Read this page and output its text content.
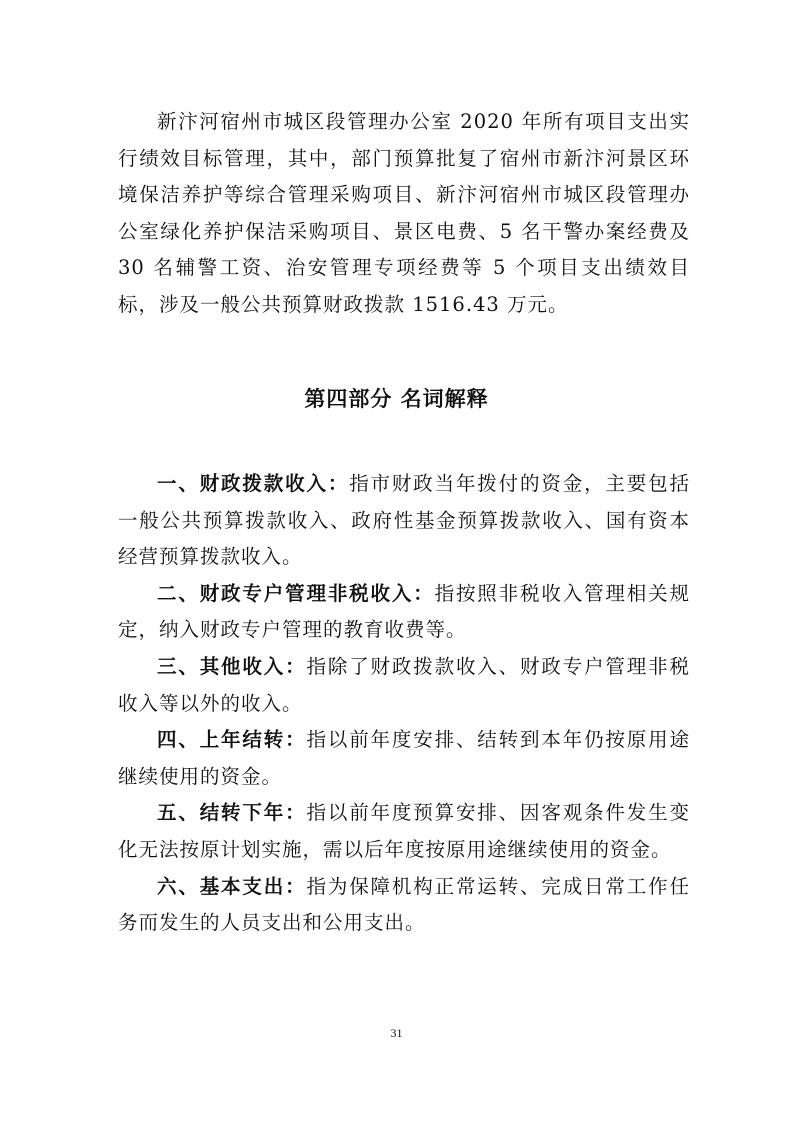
新汴河宿州市城区段管理办公室 2020 年所有项目支出实行绩效目标管理，其中，部门预算批复了宿州市新汴河景区环境保洁养护等综合管理采购项目、新汴河宿州市城区段管理办公室绿化养护保洁采购项目、景区电费、5 名干警办案经费及 30 名辅警工资、治安管理专项经费等 5 个项目支出绩效目标，涉及一般公共预算财政拨款 1516.43 万元。

第四部分 名词解释

一、财政拨款收入：指市财政当年拨付的资金，主要包括一般公共预算拨款收入、政府性基金预算拨款收入、国有资本经营预算拨款收入。

二、财政专户管理非税收入：指按照非税收入管理相关规定，纳入财政专户管理的教育收费等。

三、其他收入：指除了财政拨款收入、财政专户管理非税收入等以外的收入。

四、上年结转：指以前年度安排、结转到本年仍按原用途继续使用的资金。

五、结转下年：指以前年度预算安排、因客观条件发生变化无法按原计划实施，需以后年度按原用途继续使用的资金。

六、基本支出：指为保障机构正常运转、完成日常工作任务而发生的人员支出和公用支出。

31
